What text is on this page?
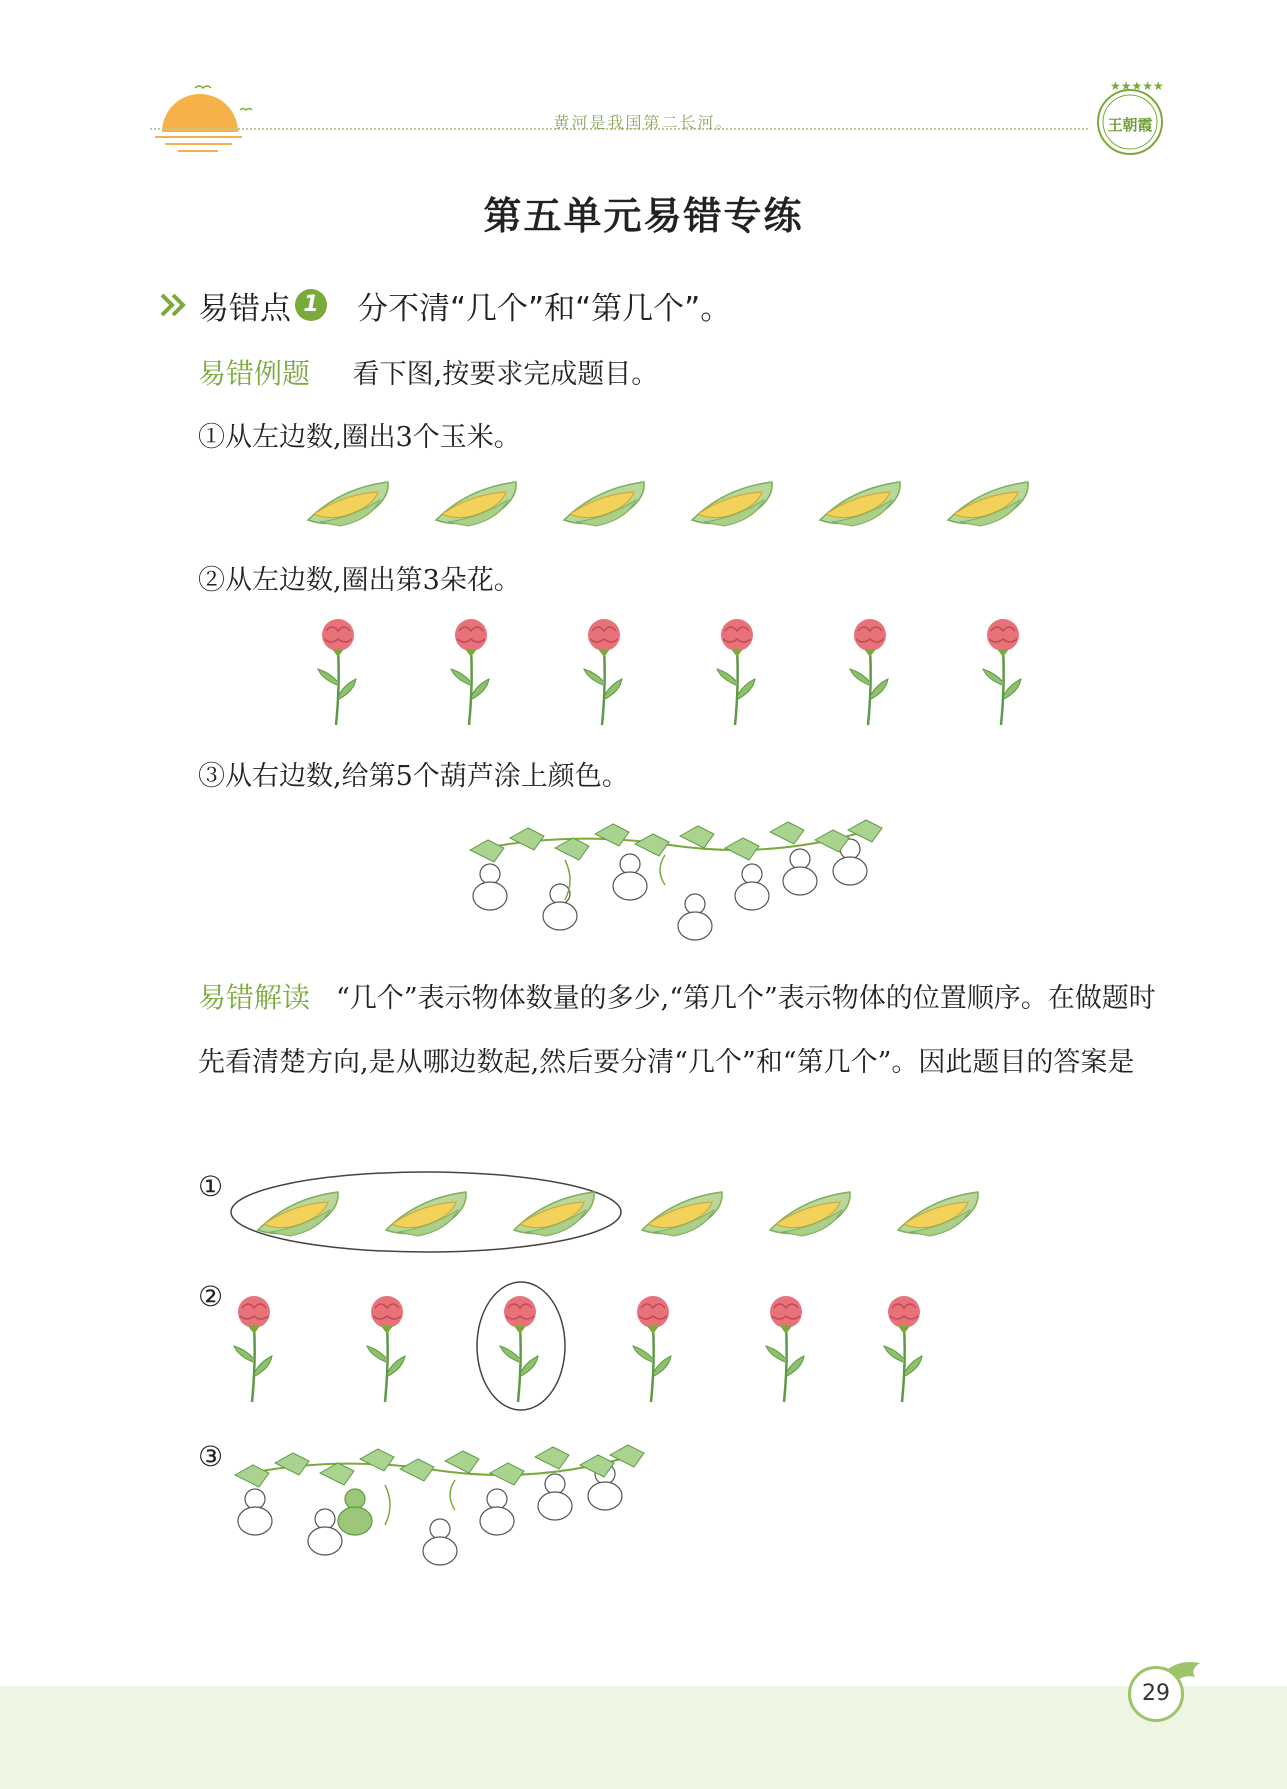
黄河是我国第二长河。
★★★★★
王朝霞
第五单元易错专练
易错点 1 分不清“几个”和“第几个”。
易错例题 看下图,按要求完成题目。
①从左边数,圈出3个玉米。
②从左边数,圈出第3朵花。
③从右边数,给第5个葫芦涂上颜色。
易错解读 “几个”表示物体数量的多少,“第几个”表示物体的位置顺序。在做题时先看清楚方向,是从哪边数起,然后要分清“几个”和“第几个”。因此题目的答案是
①
②
③
29
